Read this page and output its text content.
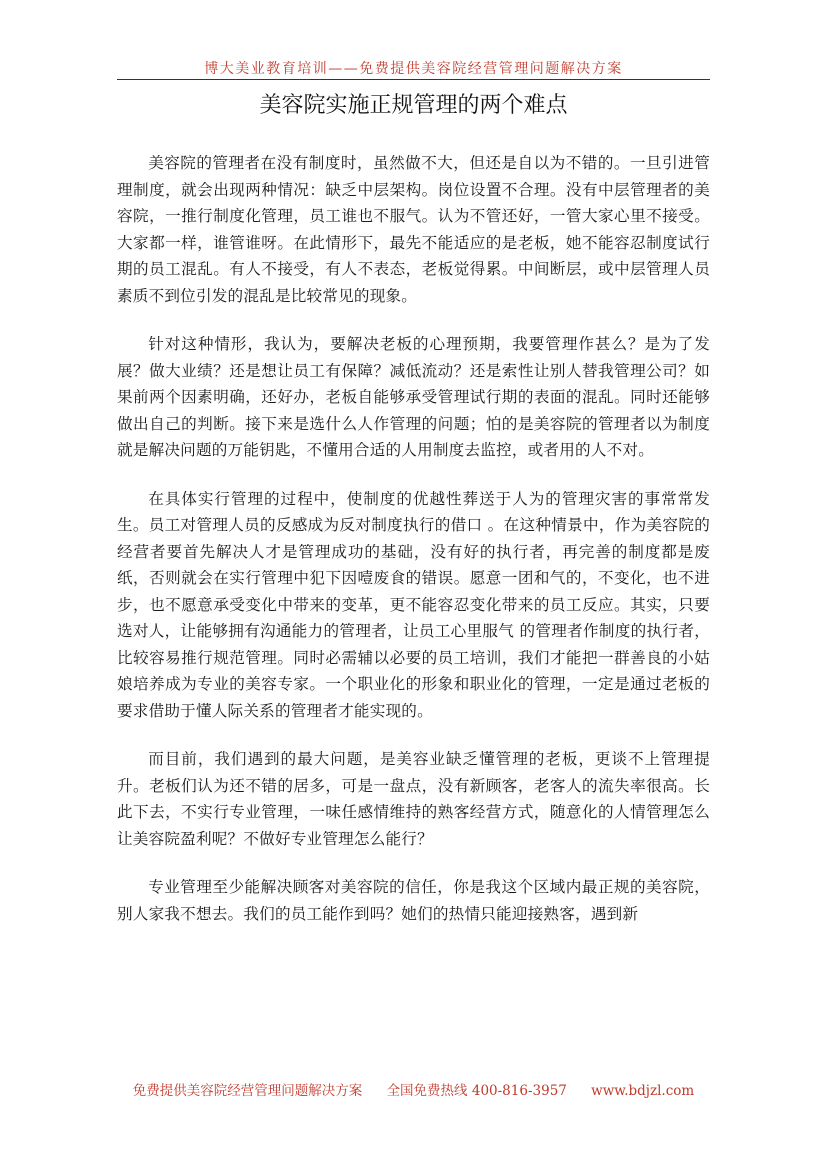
博大美业教育培训——免费提供美容院经营管理问题解决方案
美容院实施正规管理的两个难点

美容院的管理者在没有制度时，虽然做不大，但还是自以为不错的。一旦引进管理制度，就会出现两种情况：缺乏中层架构。岗位设置不合理。没有中层管理者的美容院，一推行制度化管理，员工谁也不服气。认为不管还好，一管大家心里不接受。大家都一样，谁管谁呀。在此情形下，最先不能适应的是老板，她不能容忍制度试行期的员工混乱。有人不接受，有人不表态，老板觉得累。中间断层，或中层管理人员素质不到位引发的混乱是比较常见的现象。

针对这种情形，我认为，要解决老板的心理预期，我要管理作甚么？是为了发展？做大业绩？还是想让员工有保障？减低流动？还是索性让别人替我管理公司？如果前两个因素明确，还好办，老板自能够承受管理试行期的表面的混乱。同时还能够做出自己的判断。接下来是选什么人作管理的问题；怕的是美容院的管理者以为制度就是解决问题的万能钥匙，不懂用合适的人用制度去监控，或者用的人不对。

在具体实行管理的过程中，使制度的优越性葬送于人为的管理灾害的事常常发生。员工对管理人员的反感成为反对制度执行的借口 。在这种情景中，作为美容院的经营者要首先解决人才是管理成功的基础，没有好的执行者，再完善的制度都是废纸，否则就会在实行管理中犯下因噎废食的错误。愿意一团和气的，不变化，也不进步，也不愿意承受变化中带来的变革，更不能容忍变化带来的员工反应。其实，只要选对人，让能够拥有沟通能力的管理者，让员工心里服气 的管理者作制度的执行者，比较容易推行规范管理。同时必需辅以必要的员工培训，我们才能把一群善良的小姑娘培养成为专业的美容专家。一个职业化的形象和职业化的管理，一定是通过老板的要求借助于懂人际关系的管理者才能实现的。

而目前，我们遇到的最大问题，是美容业缺乏懂管理的老板，更谈不上管理提升。老板们认为还不错的居多，可是一盘点，没有新顾客，老客人的流失率很高。长此下去，不实行专业管理，一味任感情维持的熟客经营方式，随意化的人情管理怎么让美容院盈利呢？不做好专业管理怎么能行？

专业管理至少能解决顾客对美容院的信任，你是我这个区域内最正规的美容院，别人家我不想去。我们的员工能作到吗？她们的热情只能迎接熟客，遇到新

免费提供美容院经营管理问题解决方案 全国免费热线 400-816-3957 www.bdjzl.com
